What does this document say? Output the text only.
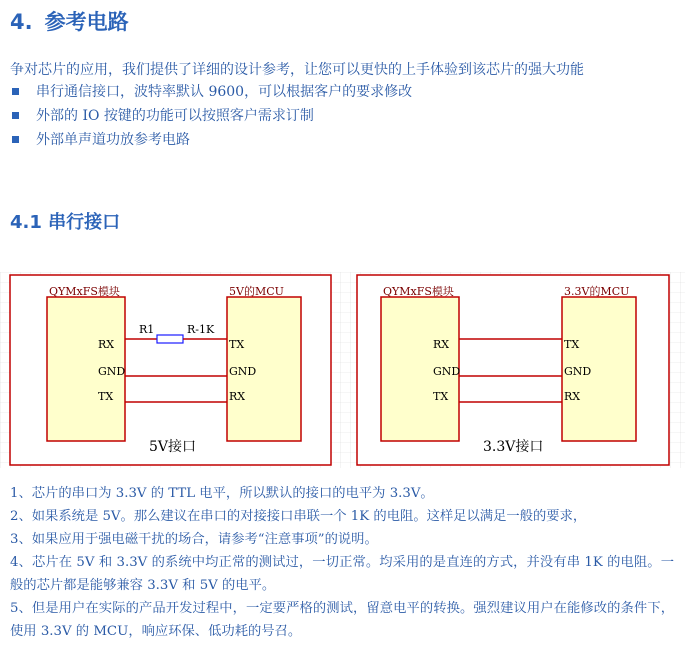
4. 参考电路
争对芯片的应用，我们提供了详细的设计参考，让您可以更快的上手体验到该芯片的强大功能
串行通信接口，波特率默认 9600，可以根据客户的要求修改
外部的 IO 按键的功能可以按照客户需求订制
外部单声道功放参考电路
4.1 串行接口
QYMxFS模块	5V的MCU
RX
GND
TX
TX
GND
RX
R1	R-1K
5V接口
QYMxFS模块	3.3V的MCU
RX
GND
TX
TX
GND
RX
3.3V接口
1、芯片的串口为 3.3V 的 TTL 电平，所以默认的接口的电平为 3.3V。
2、如果系统是 5V。那么建议在串口的对接接口串联一个 1K 的电阻。这样足以满足一般的要求，
3、如果应用于强电磁干扰的场合，请参考“注意事项”的说明。
4、芯片在 5V 和 3.3V 的系统中均正常的测试过，一切正常。均采用的是直连的方式，并没有串 1K 的电阻。一般的芯片都是能够兼容 3.3V 和 5V 的电平。
5、但是用户在实际的产品开发过程中，一定要严格的测试，留意电平的转换。强烈建议用户在能修改的条件下，使用 3.3V 的 MCU，响应环保、低功耗的号召。
